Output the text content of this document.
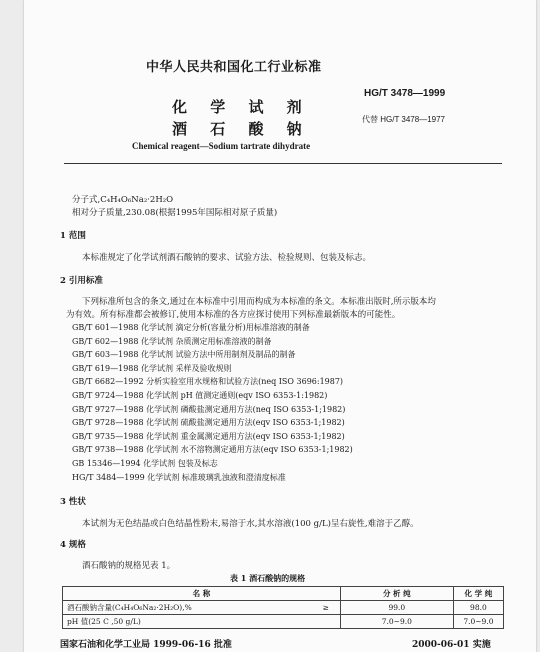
中华人民共和国化工行业标准
HG/T 3478—1999
化 学 试 剂
酒 石 酸 钠
代替 HG/T 3478—1977
Chemical reagent—Sodium tartrate dihydrate
分子式,C₄H₄O₆Na₂·2H₂O
相对分子质量,230.08(根据1995年国际相对原子质量)
1 范围
本标准规定了化学试剂酒石酸钠的要求、试验方法、检验规则、包装及标志。
2 引用标准
下列标准所包含的条文,通过在本标准中引用而构成为本标准的条文。本标准出版时,所示版本均
为有效。所有标准都会被修订,使用本标准的各方应探讨使用下列标准最新版本的可能性。
GB/T 601—1988 化学试剂 滴定分析(容量分析)用标准溶液的制备
GB/T 602—1988 化学试剂 杂质测定用标准溶液的制备
GB/T 603—1988 化学试剂 试验方法中所用制剂及制品的制备
GB/T 619—1988 化学试剂 采样及验收规则
GB/T 6682—1992 分析实验室用水规格和试验方法(neq ISO 3696:1987)
GB/T 9724—1988 化学试剂 pH 值测定通则(eqv ISO 6353-1:1982)
GB/T 9727—1988 化学试剂 磷酸盐测定通用方法(neq ISO 6353-1;1982)
GB/T 9728—1988 化学试剂 硫酸盐测定通用方法(eqv ISO 6353-1;1982)
GB/T 9735—1988 化学试剂 重金属测定通用方法(eqv ISO 6353-1;1982)
GB/T 9738—1988 化学试剂 水不溶物测定通用方法(eqv ISO 6353-1;1982)
GB 15346—1994 化学试剂 包装及标志
HG/T 3484—1999 化学试剂 标准玻璃乳浊液和澄清度标准
3 性状
本试剂为无色结晶或白色结晶性粉末,易溶于水,其水溶液(100 g/L)呈右旋性,难溶于乙醇。
4 规格
酒石酸钠的规格见表 1。
表 1 酒石酸钠的规格
名 称		分 析 纯	化 学 纯
酒石酸钠含量(C₄H₄O₆Na₂·2H₂O),%	≥	99.0	98.0
pH 值(25 C ,50 g/L)		7.0~9.0	7.0~9.0
国家石油和化学工业局 1999-06-16 批准	2000-06-01 实施
